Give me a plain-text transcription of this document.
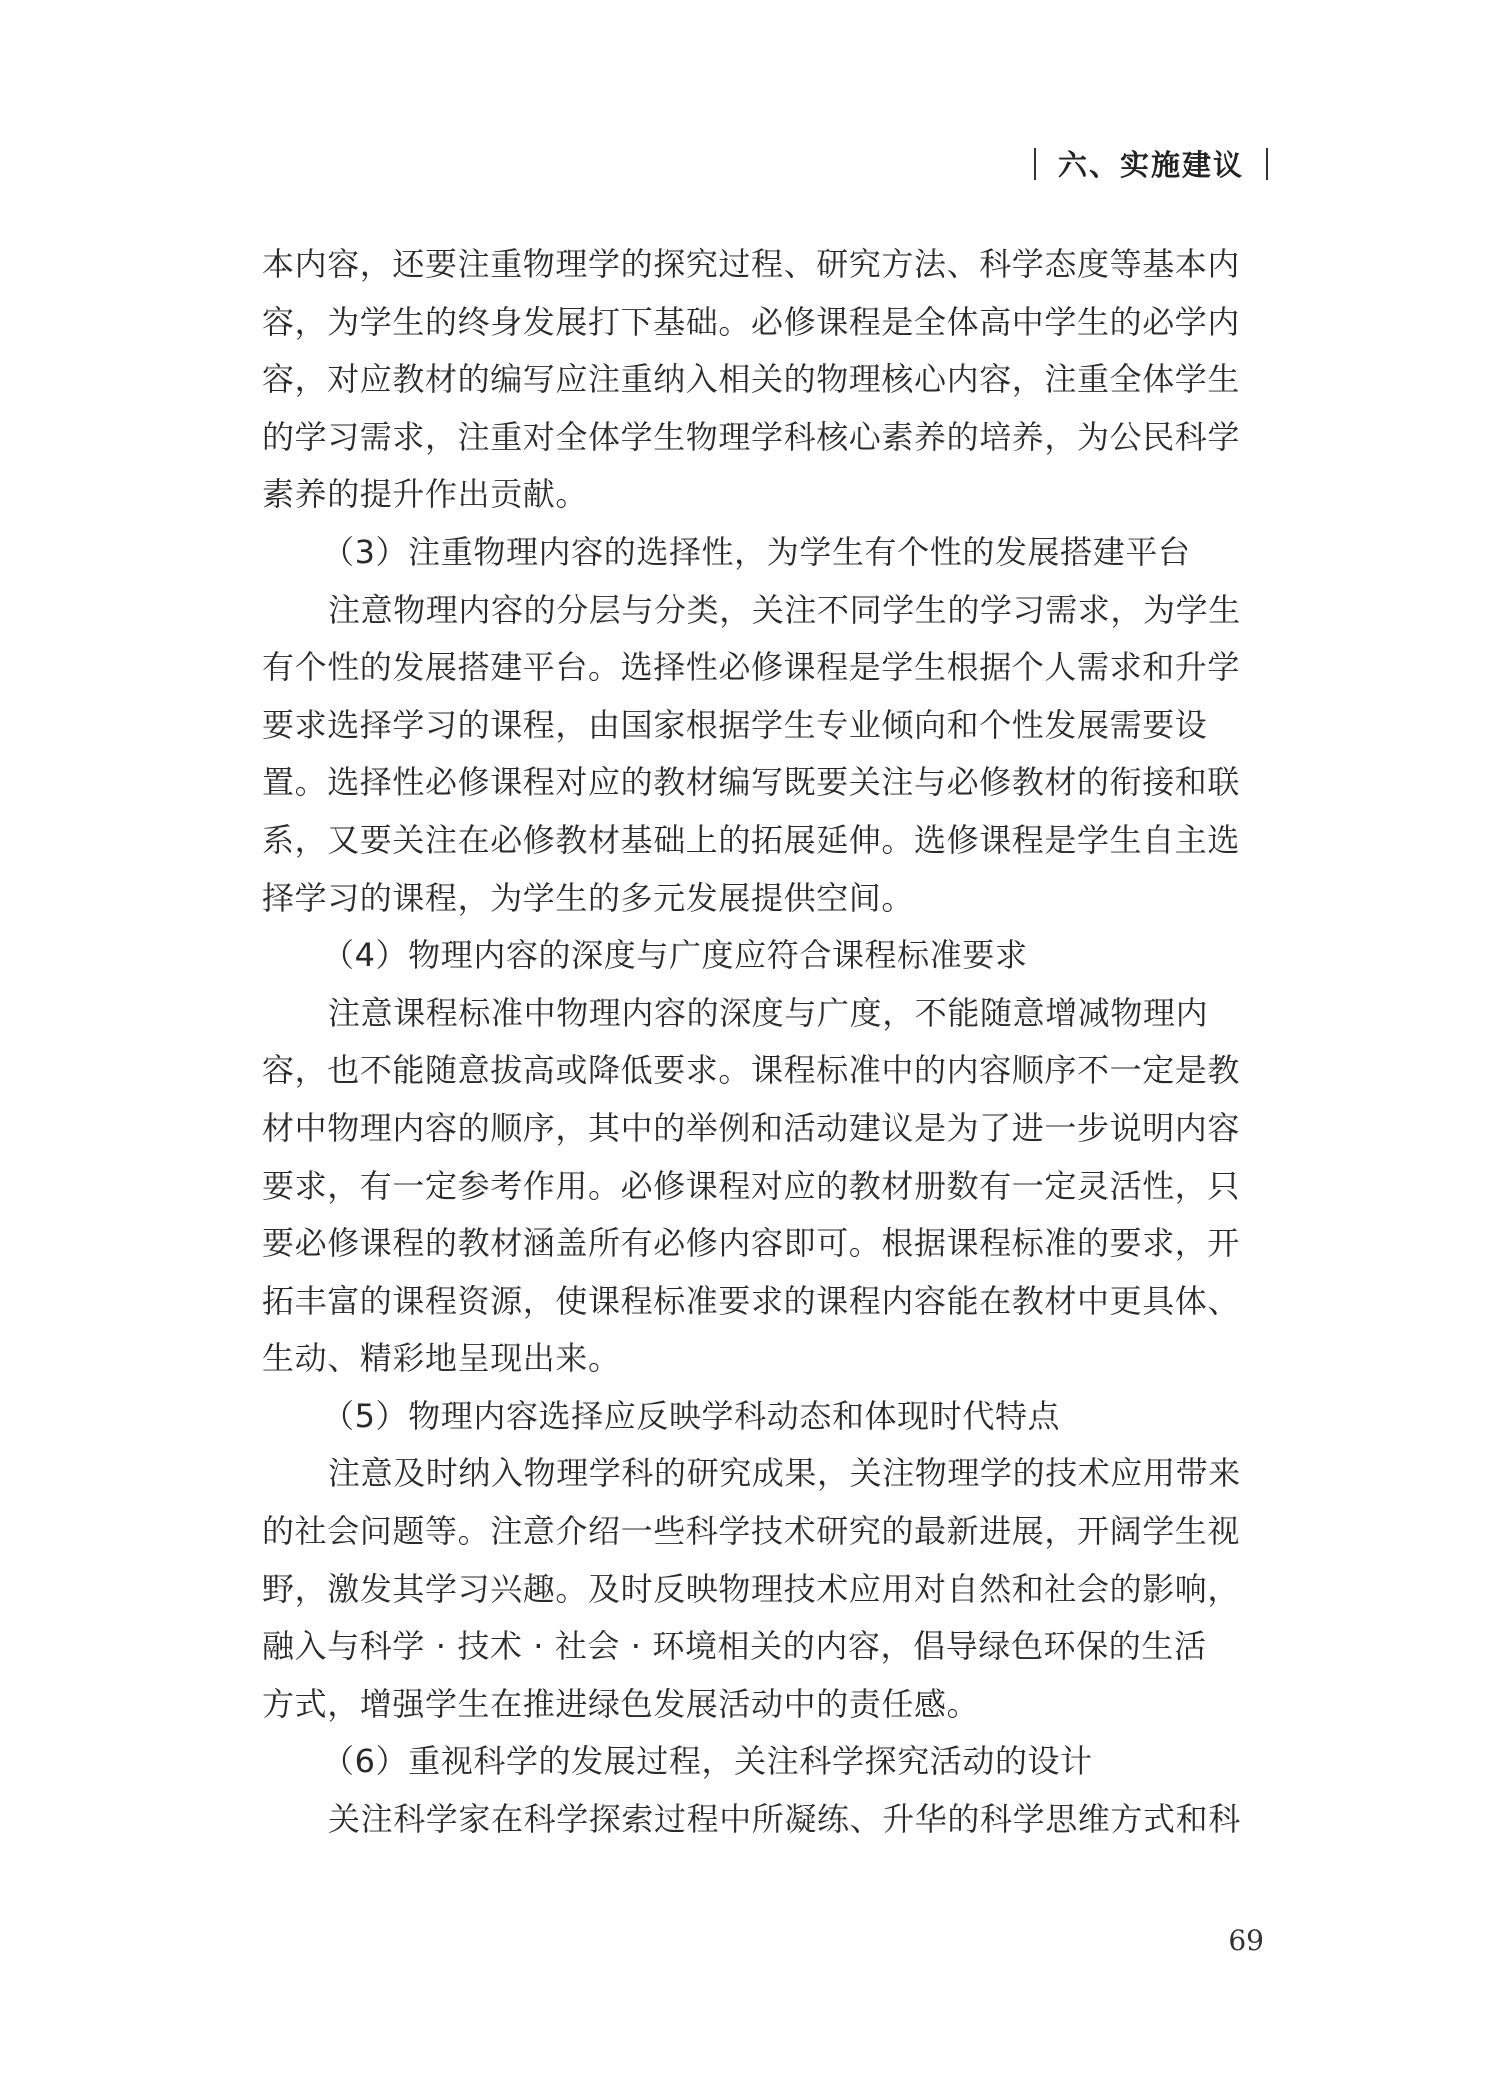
六、实施建议
本内容，还要注重物理学的探究过程、研究方法、科学态度等基本内
容，为学生的终身发展打下基础。必修课程是全体高中学生的必学内
容，对应教材的编写应注重纳入相关的物理核心内容，注重全体学生
的学习需求，注重对全体学生物理学科核心素养的培养，为公民科学
素养的提升作出贡献。
（3）注重物理内容的选择性，为学生有个性的发展搭建平台
注意物理内容的分层与分类，关注不同学生的学习需求，为学生
有个性的发展搭建平台。选择性必修课程是学生根据个人需求和升学
要求选择学习的课程，由国家根据学生专业倾向和个性发展需要设
置。选择性必修课程对应的教材编写既要关注与必修教材的衔接和联
系，又要关注在必修教材基础上的拓展延伸。选修课程是学生自主选
择学习的课程，为学生的多元发展提供空间。
（4）物理内容的深度与广度应符合课程标准要求
注意课程标准中物理内容的深度与广度，不能随意增减物理内
容，也不能随意拔高或降低要求。课程标准中的内容顺序不一定是教
材中物理内容的顺序，其中的举例和活动建议是为了进一步说明内容
要求，有一定参考作用。必修课程对应的教材册数有一定灵活性，只
要必修课程的教材涵盖所有必修内容即可。根据课程标准的要求，开
拓丰富的课程资源，使课程标准要求的课程内容能在教材中更具体、
生动、精彩地呈现出来。
（5）物理内容选择应反映学科动态和体现时代特点
注意及时纳入物理学科的研究成果，关注物理学的技术应用带来
的社会问题等。注意介绍一些科学技术研究的最新进展，开阔学生视
野，激发其学习兴趣。及时反映物理技术应用对自然和社会的影响，
融入与科学 · 技术 · 社会 · 环境相关的内容，倡导绿色环保的生活
方式，增强学生在推进绿色发展活动中的责任感。
（6）重视科学的发展过程，关注科学探究活动的设计
关注科学家在科学探索过程中所凝练、升华的科学思维方式和科
69
